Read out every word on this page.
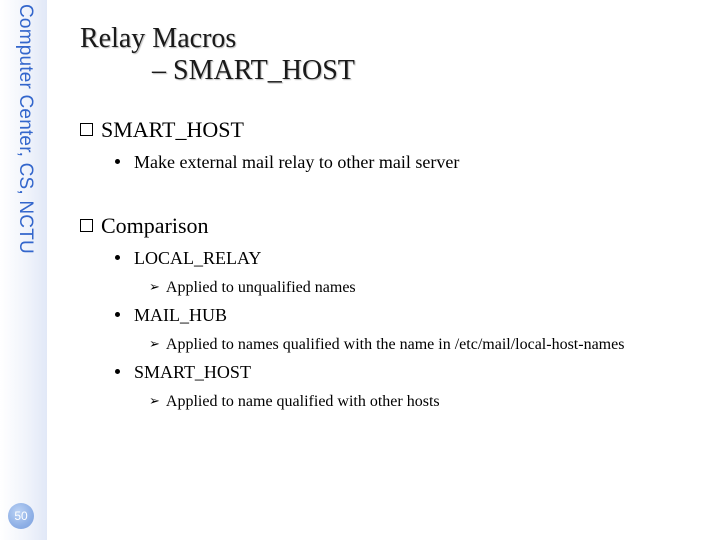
Computer Center, CS, NCTU
50
Relay Macros
– SMART_HOST
SMART_HOST
Make external mail relay to other mail server
Comparison
LOCAL_RELAY
➢ Applied to unqualified names
MAIL_HUB
➢ Applied to names qualified with the name in /etc/mail/local-host-names
SMART_HOST
➢ Applied to name qualified with other hosts
